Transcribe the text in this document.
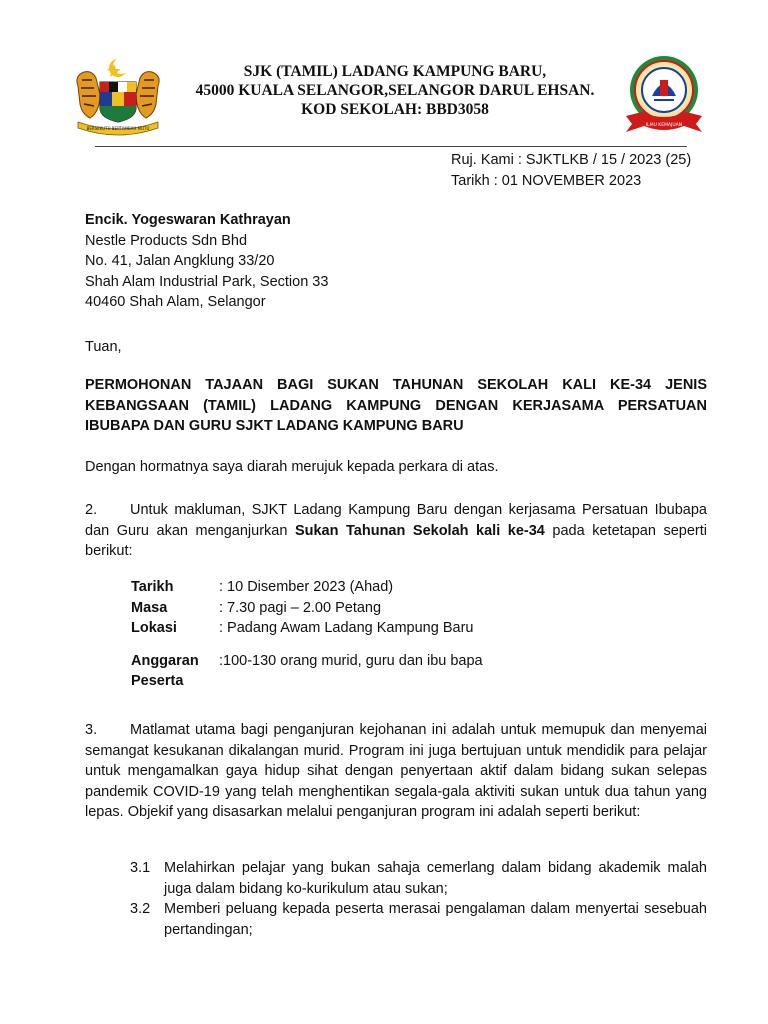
BERSEKUTU BERTAMBAH MUTU
SJK (TAMIL) LADANG KAMPUNG BARU,
45000 KUALA SELANGOR,SELANGOR DARUL EHSAN.
KOD SEKOLAH: BBD3058
ILMU KEMAJUAN
Ruj. Kami : SJKTLKB / 15 / 2023 (25)
Tarikh : 01 NOVEMBER 2023
Encik. Yogeswaran Kathrayan
Nestle Products Sdn Bhd
No. 41, Jalan Angklung 33/20
Shah Alam Industrial Park, Section 33
40460 Shah Alam, Selangor
Tuan,
PERMOHONAN TAJAAN BAGI SUKAN TAHUNAN SEKOLAH KALI KE-34 JENIS KEBANGSAAN (TAMIL) LADANG KAMPUNG DENGAN KERJASAMA PERSATUAN IBUBAPA DAN GURU SJKT LADANG KAMPUNG BARU
Dengan hormatnya saya diarah merujuk kepada perkara di atas.
2. Untuk makluman, SJKT Ladang Kampung Baru dengan kerjasama Persatuan Ibubapa dan Guru akan menganjurkan Sukan Tahunan Sekolah kali ke-34 pada ketetapan seperti berikut:
Tarikh	: 10 Disember 2023 (Ahad)
Masa	: 7.30 pagi – 2.00 Petang
Lokasi	: Padang Awam Ladang Kampung Baru
Anggaran
Peserta
:100-130 orang murid, guru dan ibu bapa
3. Matlamat utama bagi penganjuran kejohanan ini adalah untuk memupuk dan menyemai semangat kesukanan dikalangan murid. Program ini juga bertujuan untuk mendidik para pelajar untuk mengamalkan gaya hidup sihat dengan penyertaan aktif dalam bidang sukan selepas pandemik COVID-19 yang telah menghentikan segala-gala aktiviti sukan untuk dua tahun yang lepas. Objekif yang disasarkan melalui penganjuran program ini adalah seperti berikut:
3.1 Melahirkan pelajar yang bukan sahaja cemerlang dalam bidang akademik malah juga dalam bidang ko-kurikulum atau sukan;
3.2 Memberi peluang kepada peserta merasai pengalaman dalam menyertai sesebuah pertandingan;
